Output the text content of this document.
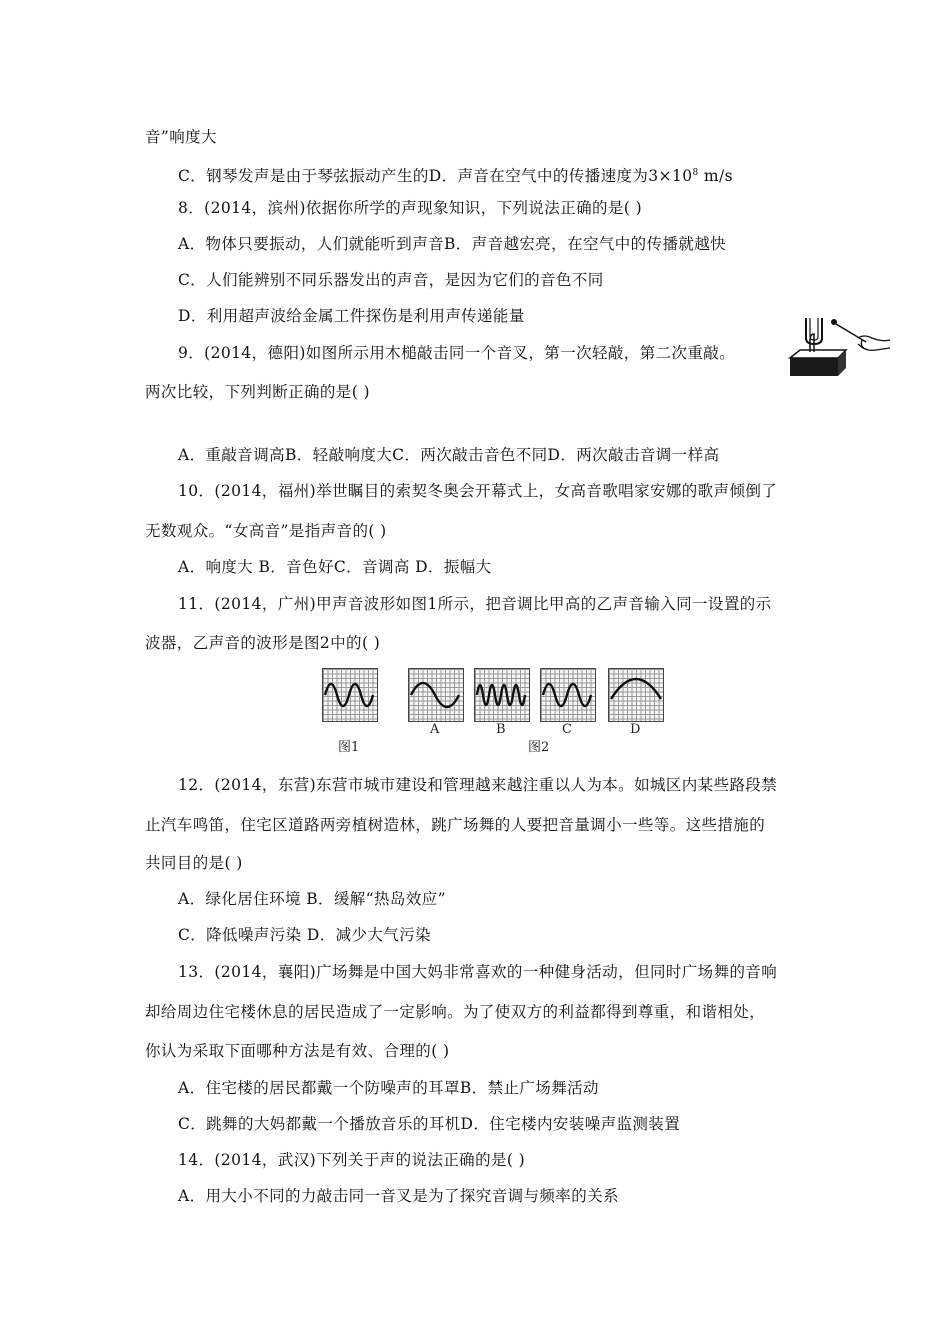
音”响度大
C．钢琴发声是由于琴弦振动产生的D．声音在空气中的传播速度为$3\times 10^8$ m/s
8．(2014，滨州)依据你所学的声现象知识，下列说法正确的是( )
A．物体只要振动，人们就能听到声音B．声音越宏亮，在空气中的传播就越快
C．人们能辨别不同乐器发出的声音，是因为它们的音色不同
D．利用超声波给金属工件探伤是利用声传递能量
9．(2014，德阳)如图所示用木槌敲击同一个音叉，第一次轻敲，第二次重敲。
两次比较，下列判断正确的是( )
A．重敲音调高B．轻敲响度大C．两次敲击音色不同D．两次敲击音调一样高
10．(2014，福州)举世瞩目的索契冬奥会开幕式上，女高音歌唱家安娜的歌声倾倒了
无数观众。“女高音”是指声音的( )
A．响度大 B．音色好C．音调高 D．振幅大
11．(2014，广州)甲声音波形如图1所示，把音调比甲高的乙声音输入同一设置的示
波器，乙声音的波形是图2中的( )
A	B	C	D
图1	图2
12．(2014，东营)东营市城市建设和管理越来越注重以人为本。如城区内某些路段禁
止汽车鸣笛，住宅区道路两旁植树造林，跳广场舞的人要把音量调小一些等。这些措施的
共同目的是( )
A．绿化居住环境 B．缓解“热岛效应”
C．降低噪声污染 D．减少大气污染
13．(2014，襄阳)广场舞是中国大妈非常喜欢的一种健身活动，但同时广场舞的音响
却给周边住宅楼休息的居民造成了一定影响。为了使双方的利益都得到尊重，和谐相处，
你认为采取下面哪种方法是有效、合理的( )
A．住宅楼的居民都戴一个防噪声的耳罩B．禁止广场舞活动
C．跳舞的大妈都戴一个播放音乐的耳机D．住宅楼内安装噪声监测装置
14．(2014，武汉)下列关于声的说法正确的是( )
A．用大小不同的力敲击同一音叉是为了探究音调与频率的关系
